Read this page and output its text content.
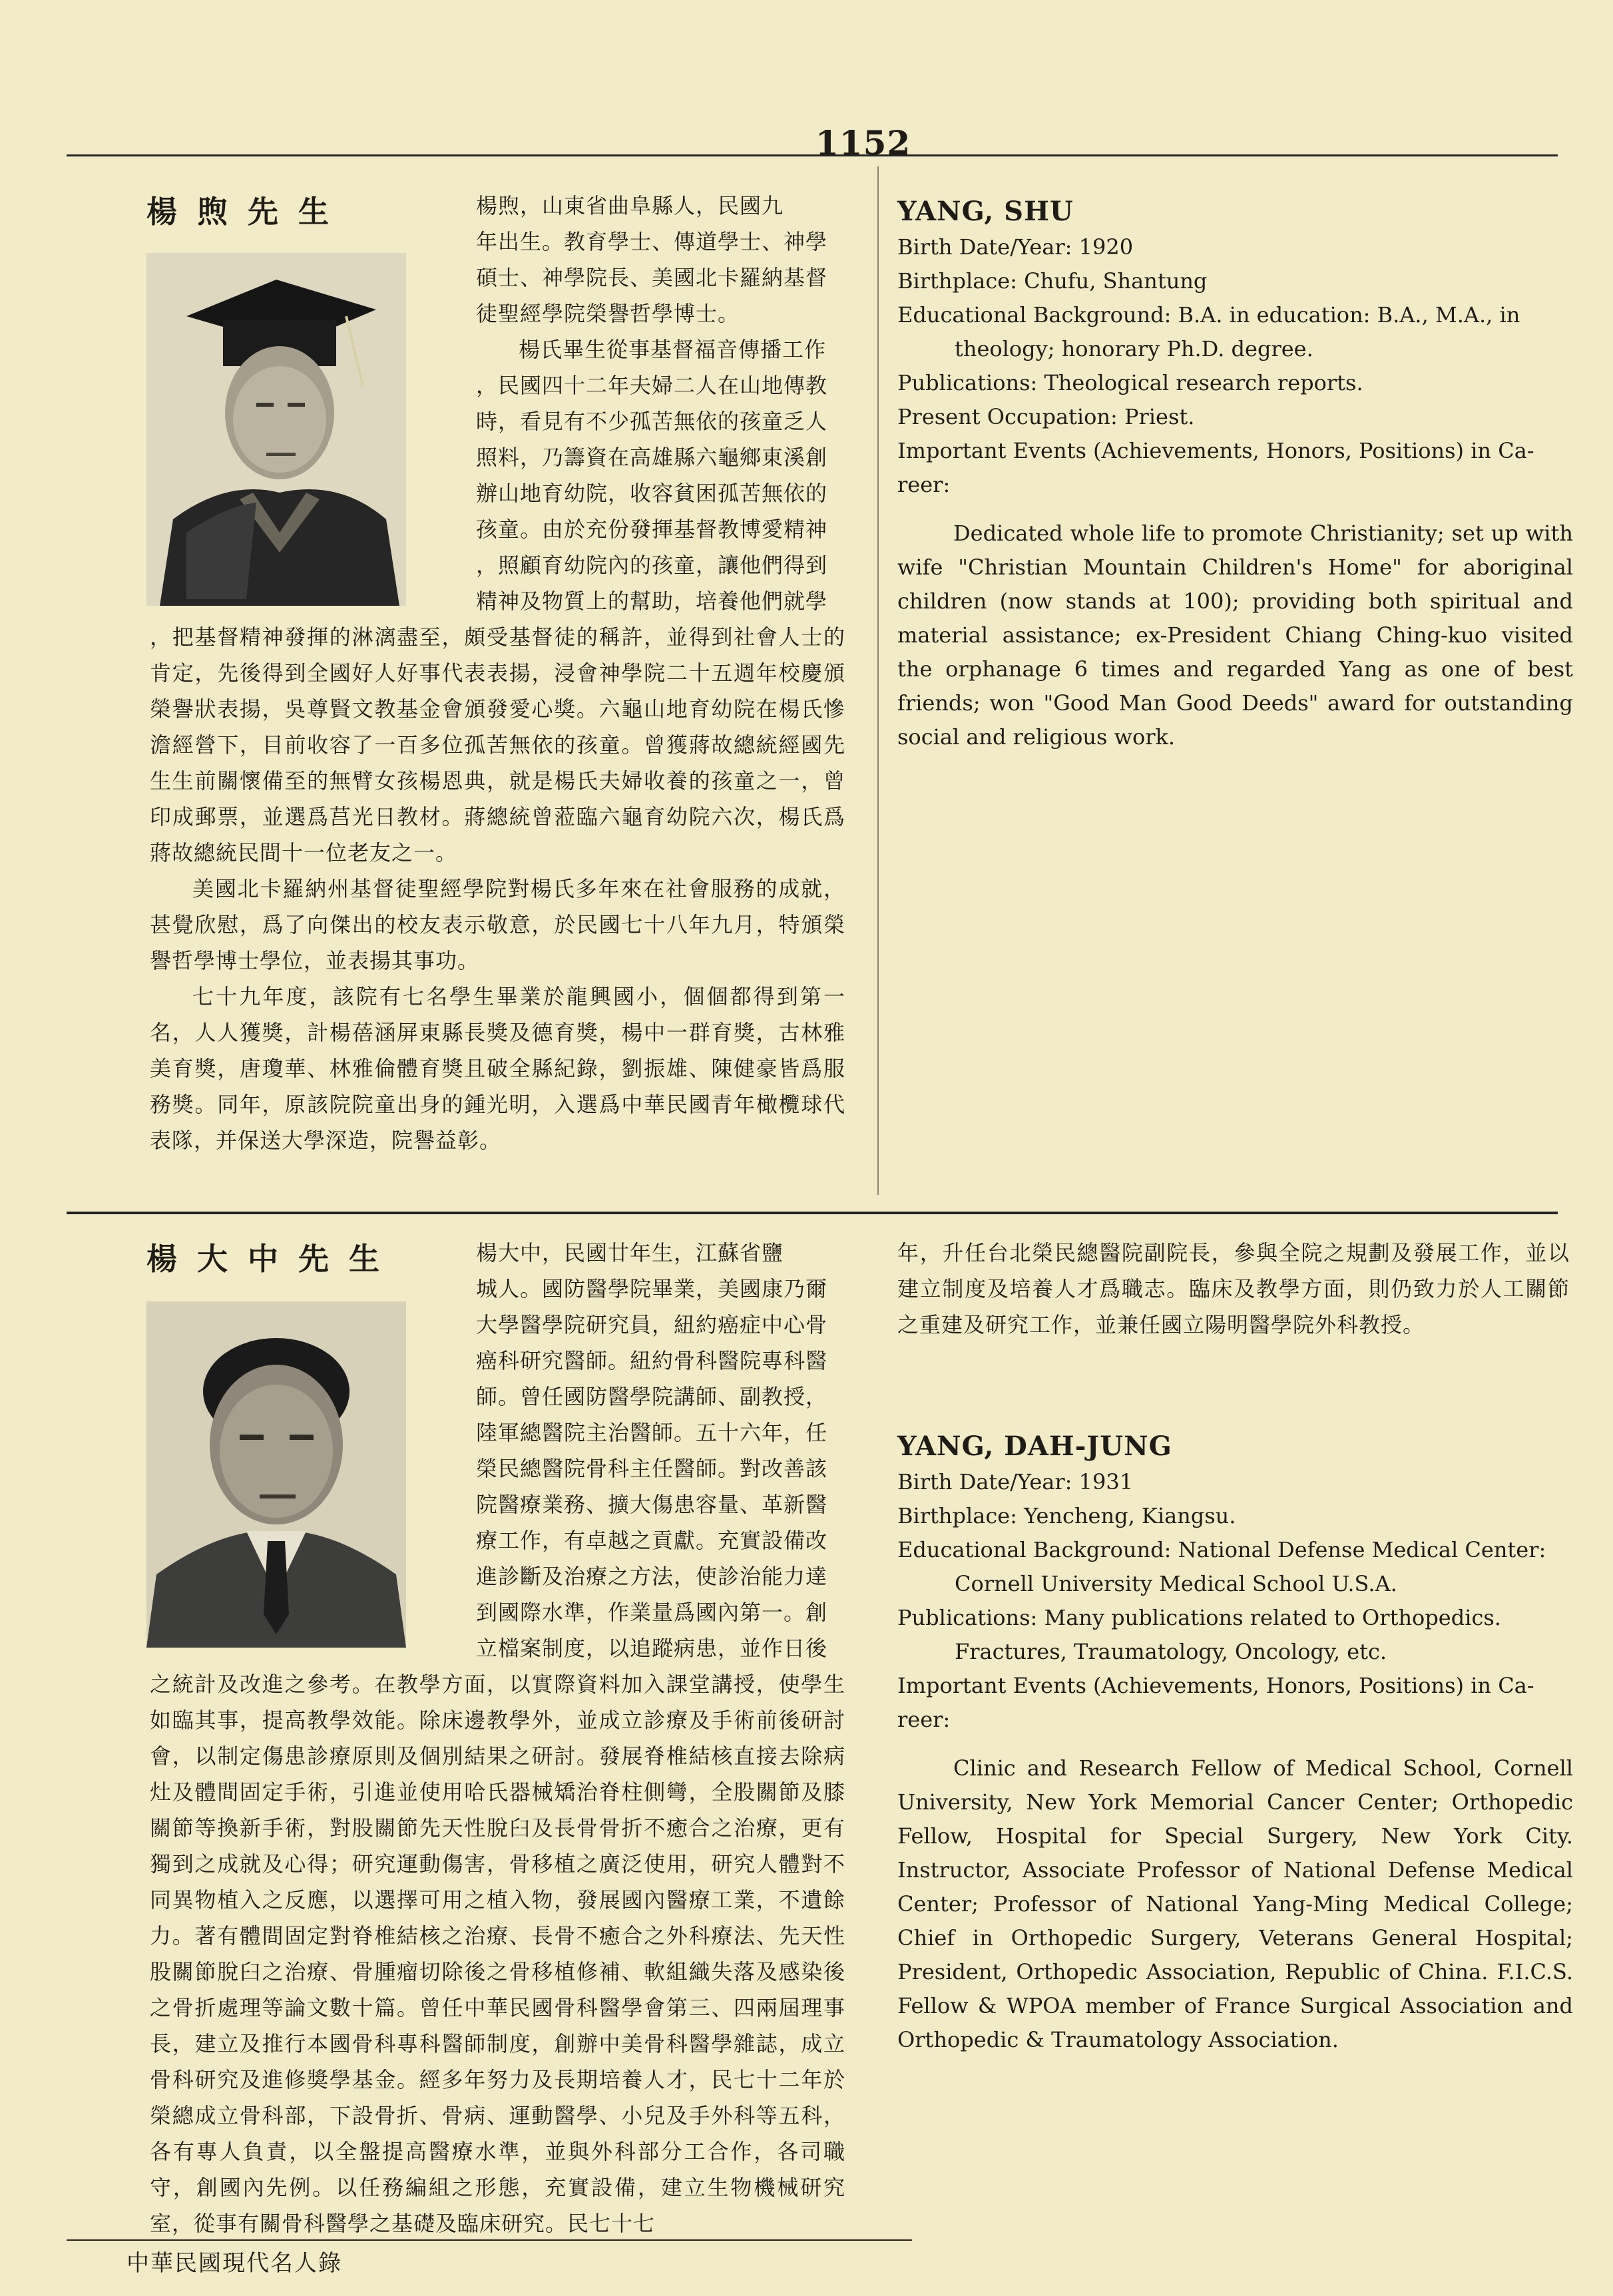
1152
楊煦先生	楊煦，山東省曲阜縣人，民國九
年出生。教育學士、傳道學士、神學
碩士、神學院長、美國北卡羅納基督
徒聖經學院榮譽哲學博士。
楊氏畢生從事基督福音傳播工作
，民國四十二年夫婦二人在山地傳教
時，看見有不少孤苦無依的孩童乏人
照料，乃籌資在高雄縣六龜鄉東溪創
辦山地育幼院，收容貧困孤苦無依的
孩童。由於充份發揮基督教博愛精神
，照顧育幼院內的孩童，讓他們得到
精神及物質上的幫助，培養他們就學

，把基督精神發揮的淋漓盡至，頗受基督徒的稱許，並得到社會人士的肯定，先後得到全國好人好事代表表揚，浸會神學院二十五週年校慶頒榮譽狀表揚，吳尊賢文教基金會頒發愛心獎。六龜山地育幼院在楊氏慘澹經營下，目前收容了一百多位孤苦無依的孩童。曾獲蔣故總統經國先生生前關懷備至的無臂女孩楊恩典，就是楊氏夫婦收養的孩童之一，曾印成郵票，並選爲莒光日教材。蔣總統曾蒞臨六龜育幼院六次，楊氏爲蔣故總統民間十一位老友之一。

美國北卡羅納州基督徒聖經學院對楊氏多年來在社會服務的成就，甚覺欣慰，爲了向傑出的校友表示敬意，於民國七十八年九月，特頒榮譽哲學博士學位，並表揚其事功。

七十九年度，該院有七名學生畢業於龍興國小，個個都得到第一名，人人獲獎，計楊蓓涵屏東縣長獎及德育獎，楊中一群育獎，古林雅美育獎，唐瓊華、林雅倫體育獎且破全縣紀錄，劉振雄、陳健豪皆爲服務獎。同年，原該院院童出身的鍾光明，入選爲中華民國青年橄欖球代表隊，并保送大學深造，院譽益彰。

YANG, SHU
Birth Date/Year: 1920
Birthplace: Chufu, Shantung
Educational Background: B.A. in education: B.A., M.A., in
theology; honorary Ph.D. degree.
Publications: Theological research reports.
Present Occupation: Priest.
Important Events (Achievements, Honors, Positions) in Ca-
reer:
Dedicated whole life to promote Christianity; set up with wife "Christian Mountain Children's Home" for aboriginal children (now stands at 100); providing both spiritual and material assistance; ex-President Chiang Ching-kuo visited the orphanage 6 times and regarded Yang as one of best friends; won "Good Man Good Deeds" award for outstanding social and religious work.
楊大中先生	楊大中，民國廿年生，江蘇省鹽
城人。國防醫學院畢業，美國康乃爾
大學醫學院研究員，紐約癌症中心骨
癌科研究醫師。紐約骨科醫院專科醫
師。曾任國防醫學院講師、副教授，
陸軍總醫院主治醫師。五十六年，任
榮民總醫院骨科主任醫師。對改善該
院醫療業務、擴大傷患容量、革新醫
療工作，有卓越之貢獻。充實設備改
進診斷及治療之方法，使診治能力達
到國際水準，作業量爲國內第一。創
立檔案制度，以追蹤病患，並作日後

之統計及改進之參考。在教學方面，以實際資料加入課堂講授，使學生如臨其事，提高教學效能。除床邊教學外，並成立診療及手術前後研討會，以制定傷患診療原則及個別結果之研討。發展脊椎結核直接去除病灶及體間固定手術，引進並使用哈氏器械矯治脊柱側彎，全股關節及膝關節等換新手術，對股關節先天性脫臼及長骨骨折不癒合之治療，更有獨到之成就及心得；研究運動傷害，骨移植之廣泛使用，研究人體對不同異物植入之反應，以選擇可用之植入物，發展國內醫療工業，不遺餘力。著有體間固定對脊椎結核之治療、長骨不癒合之外科療法、先天性股關節脫臼之治療、骨腫瘤切除後之骨移植修補、軟組織失落及感染後之骨折處理等論文數十篇。曾任中華民國骨科醫學會第三、四兩屆理事長，建立及推行本國骨科專科醫師制度，創辦中美骨科醫學雜誌，成立骨科研究及進修獎學基金。經多年努力及長期培養人才，民七十二年於榮總成立骨科部，下設骨折、骨病、運動醫學、小兒及手外科等五科，各有專人負責，以全盤提高醫療水準，並與外科部分工合作，各司職守，創國內先例。以任務編組之形態，充實設備，建立生物機械研究室，從事有關骨科醫學之基礎及臨床研究。民七十七

年，升任台北榮民總醫院副院長，參與全院之規劃及發展工作，並以建立制度及培養人才爲職志。臨床及教學方面，則仍致力於人工關節之重建及研究工作，並兼任國立陽明醫學院外科教授。

YANG, DAH-JUNG
Birth Date/Year: 1931
Birthplace: Yencheng, Kiangsu.
Educational Background: National Defense Medical Center:
Cornell University Medical School U.S.A.
Publications: Many publications related to Orthopedics.
Fractures, Traumatology, Oncology, etc.
Important Events (Achievements, Honors, Positions) in Ca-
reer:
Clinic and Research Fellow of Medical School, Cornell University, New York Memorial Cancer Center; Orthopedic Fellow, Hospital for Special Surgery, New York City. Instructor, Associate Professor of National Defense Medical Center; Professor of National Yang-Ming Medical College; Chief in Orthopedic Surgery, Veterans General Hospital; President, Orthopedic Association, Republic of China. F.I.C.S. Fellow & WPOA member of France Surgical Association and Orthopedic & Traumatology Association.
中華民國現代名人錄
